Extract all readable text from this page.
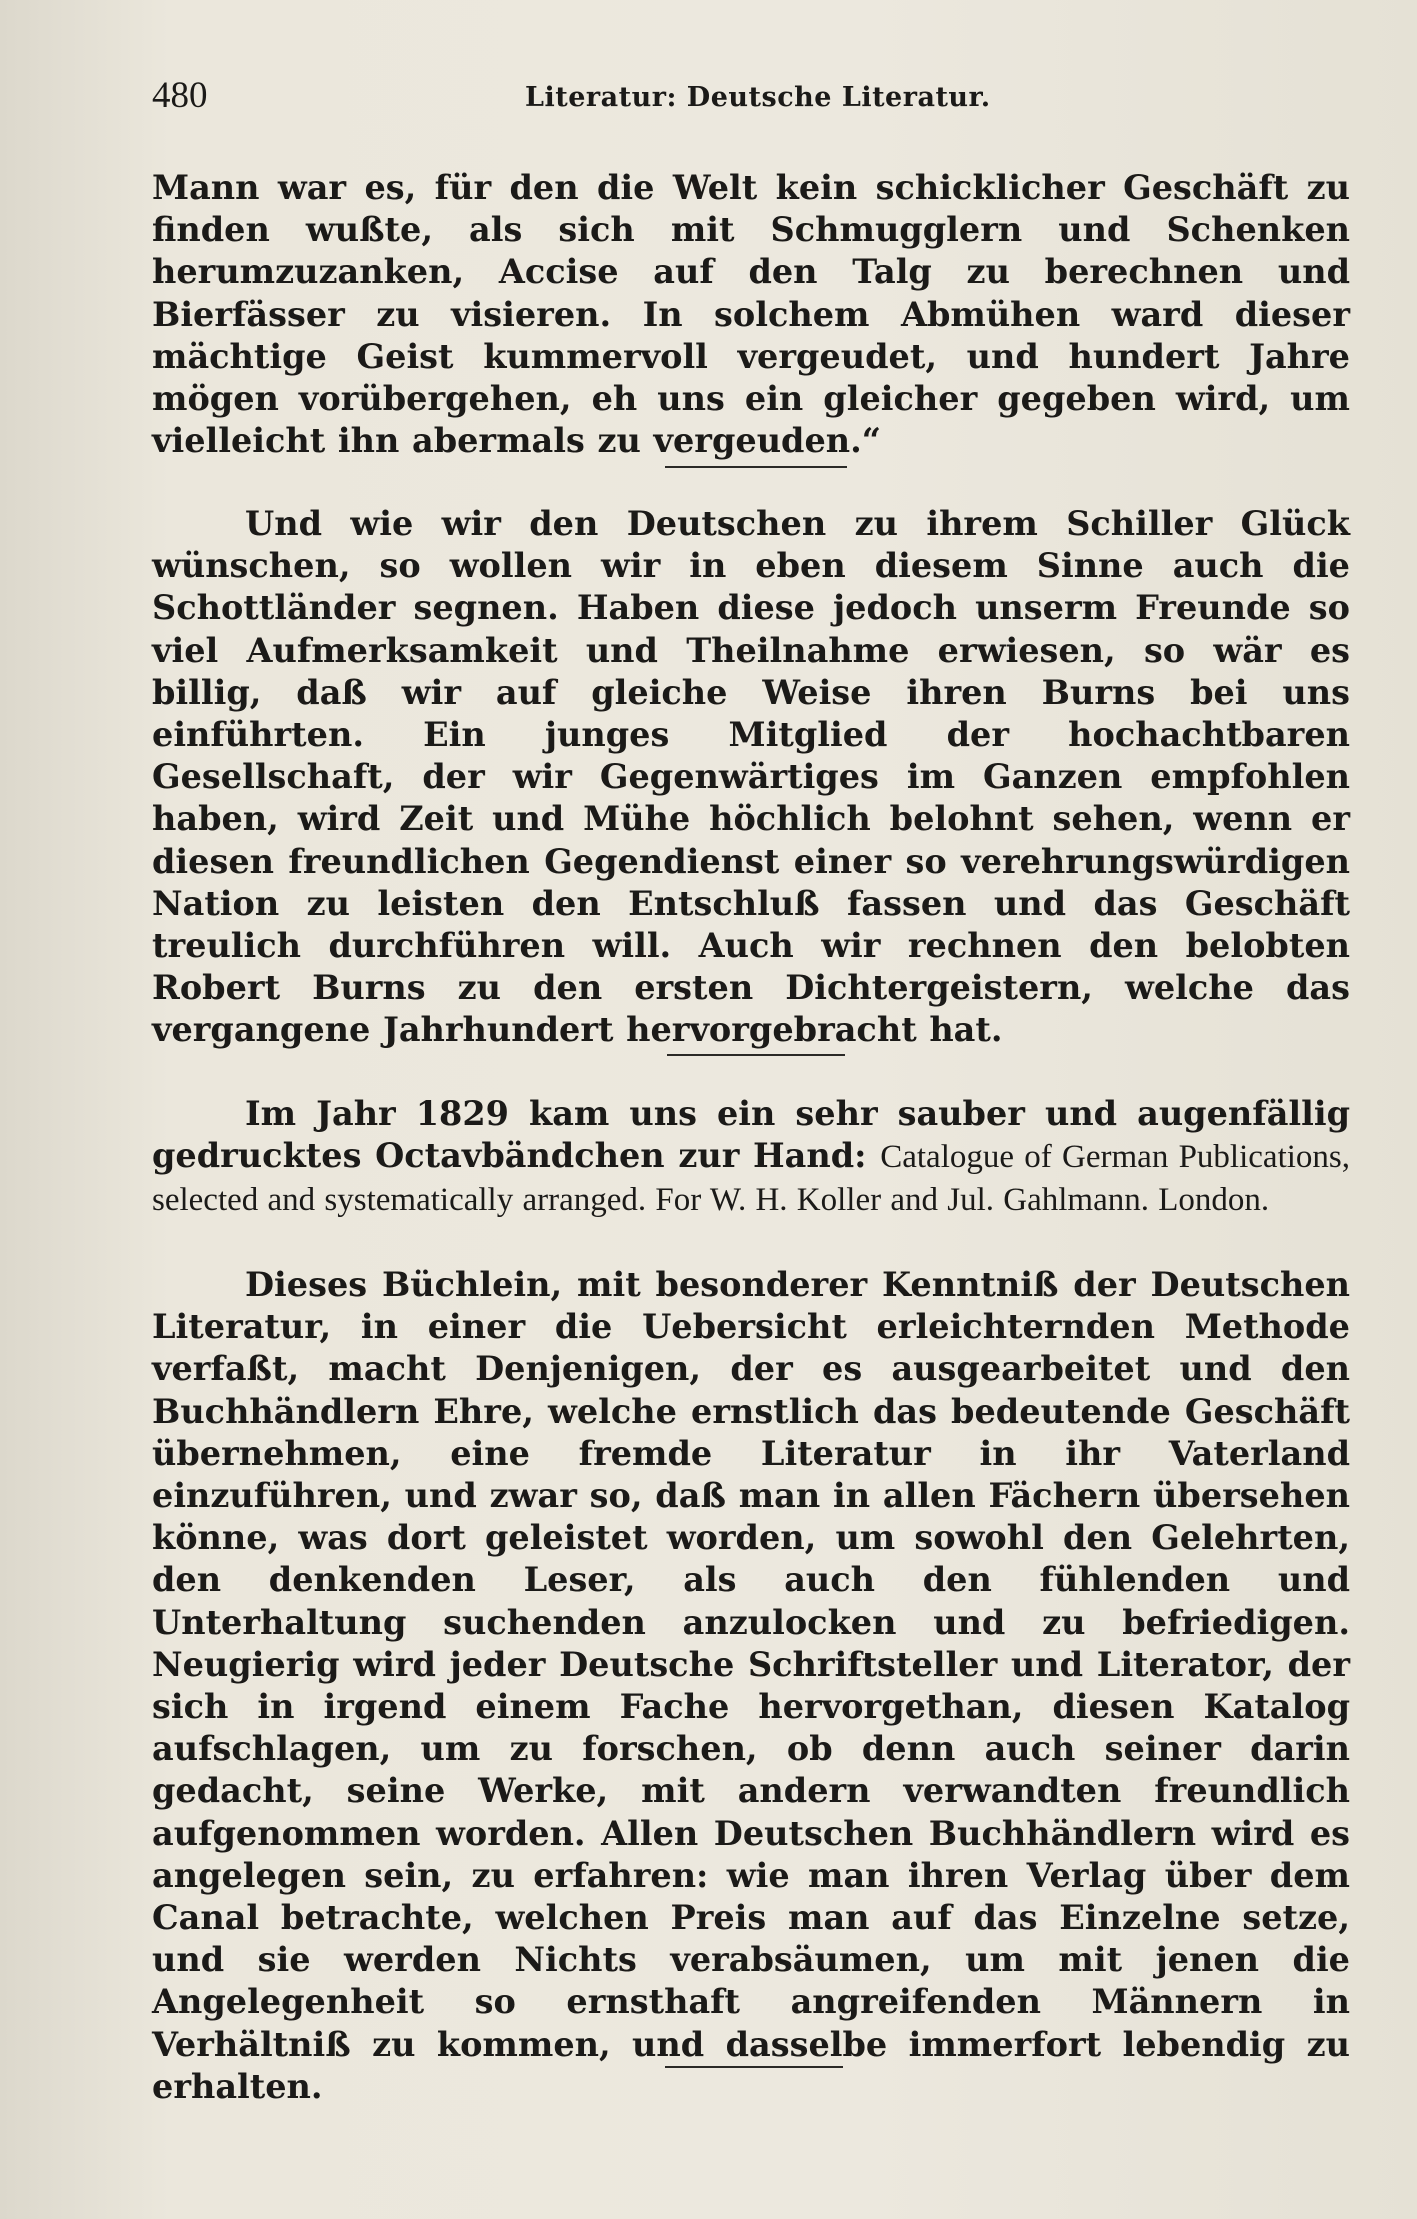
480	Literatur: Deutsche Literatur.

Mann war es, für den die Welt kein schicklicher Geschäft zu finden wußte, als sich mit Schmugglern und Schenken herumzuzanken, Accise auf den Talg zu berechnen und Bierfässer zu visieren. In solchem Abmühen ward dieser mächtige Geist kummervoll vergeudet, und hundert Jahre mögen vorübergehen, eh uns ein gleicher gegeben wird, um vielleicht ihn abermals zu vergeuden.“

Und wie wir den Deutschen zu ihrem Schiller Glück wünschen, so wollen wir in eben diesem Sinne auch die Schottländer segnen. Haben diese jedoch unserm Freunde so viel Aufmerksamkeit und Theilnahme erwiesen, so wär es billig, daß wir auf gleiche Weise ihren Burns bei uns einführten. Ein junges Mitglied der hochachtbaren Gesellschaft, der wir Gegenwärtiges im Ganzen empfohlen haben, wird Zeit und Mühe höchlich belohnt sehen, wenn er diesen freundlichen Gegendienst einer so verehrungswürdigen Nation zu leisten den Entschluß fassen und das Geschäft treulich durchführen will. Auch wir rechnen den belobten Robert Burns zu den ersten Dichtergeistern, welche das vergangene Jahrhundert hervorgebracht hat.

Im Jahr 1829 kam uns ein sehr sauber und augenfällig gedrucktes Octavbändchen zur Hand: Catalogue of German Publications, selected and systematically arranged. For W. H. Koller and Jul. Gahlmann. London.

Dieses Büchlein, mit besonderer Kenntniß der Deutschen Literatur, in einer die Uebersicht erleichternden Methode verfaßt, macht Denjenigen, der es ausgearbeitet und den Buchhändlern Ehre, welche ernstlich das bedeutende Geschäft übernehmen, eine fremde Literatur in ihr Vaterland einzuführen, und zwar so, daß man in allen Fächern übersehen könne, was dort geleistet worden, um sowohl den Gelehrten, den denkenden Leser, als auch den fühlenden und Unterhaltung suchenden anzulocken und zu befriedigen. Neugierig wird jeder Deutsche Schriftsteller und Literator, der sich in irgend einem Fache hervorgethan, diesen Katalog aufschlagen, um zu forschen, ob denn auch seiner darin gedacht, seine Werke, mit andern verwandten freundlich aufgenommen worden. Allen Deutschen Buchhändlern wird es angelegen sein, zu erfahren: wie man ihren Verlag über dem Canal betrachte, welchen Preis man auf das Einzelne setze, und sie werden Nichts verabsäumen, um mit jenen die Angelegenheit so ernsthaft angreifenden Männern in Verhältniß zu kommen, und dasselbe immerfort lebendig zu erhalten.
